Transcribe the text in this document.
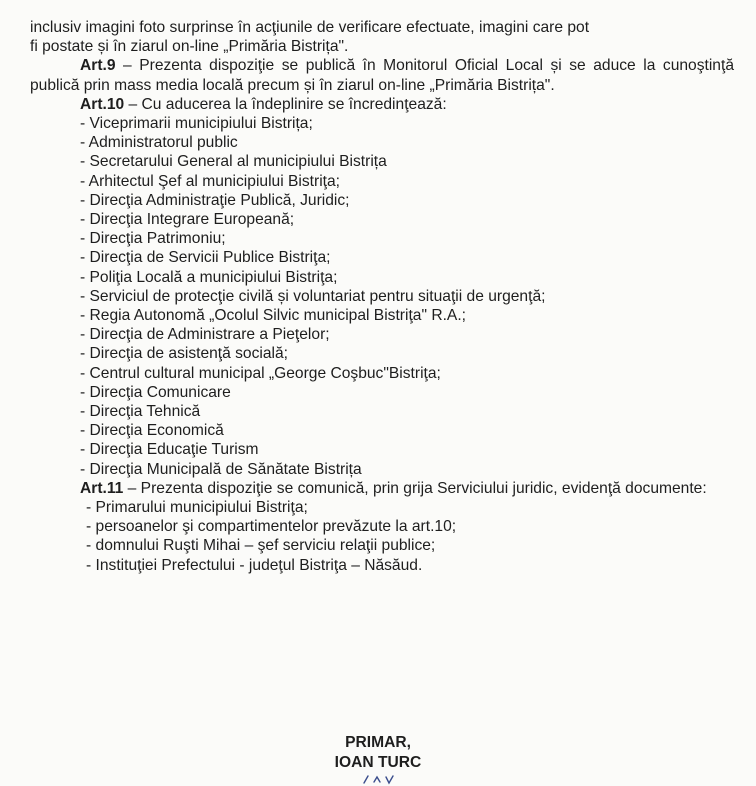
inclusiv imagini foto surprinse în acţiunile de verificare efectuate, imagini care pot

fi postate și în ziarul on-line „Primăria Bistrița".

Art.9 – Prezenta dispoziţie se publică în Monitorul Oficial Local și se aduce la cunoştinţă publică prin mass media locală precum și în ziarul on-line „Primăria Bistrița".

Art.10 – Cu aducerea la îndeplinire se încredinţează:

- Viceprimarii municipiului Bistrița;
- Administratorul public
- Secretarului General al municipiului Bistrița
- Arhitectul Şef al municipiului Bistriţa;
- Direcţia Administraţie Publică, Juridic;
- Direcţia Integrare Europeană;
- Direcţia Patrimoniu;
- Direcţia de Servicii Publice Bistriţa;
- Poliţia Locală a municipiului Bistriţa;
- Serviciul de protecţie civilă și voluntariat pentru situaţii de urgenţă;
- Regia Autonomă „Ocolul Silvic municipal Bistriţa" R.A.;
- Direcţia de Administrare a Pieţelor;
- Direcţia de asistenţă socială;
- Centrul cultural municipal „George Coşbuc"Bistriţa;
- Direcţia Comunicare
- Direcţia Tehnică
- Direcţia Economică
- Direcţia Educaţie Turism
- Direcţia Municipală de Sănătate Bistrița

Art.11 – Prezenta dispoziţie se comunică, prin grija Serviciului juridic, evidenţă documente:

- Primarului municipiului Bistriţa;
- persoanelor şi compartimentelor prevăzute la art.10;
- domnului Ruşti Mihai – şef serviciu relaţii publice;
- Instituţiei Prefectului - judeţul Bistriţa – Năsăud.
PRIMAR,
IOAN TURC
